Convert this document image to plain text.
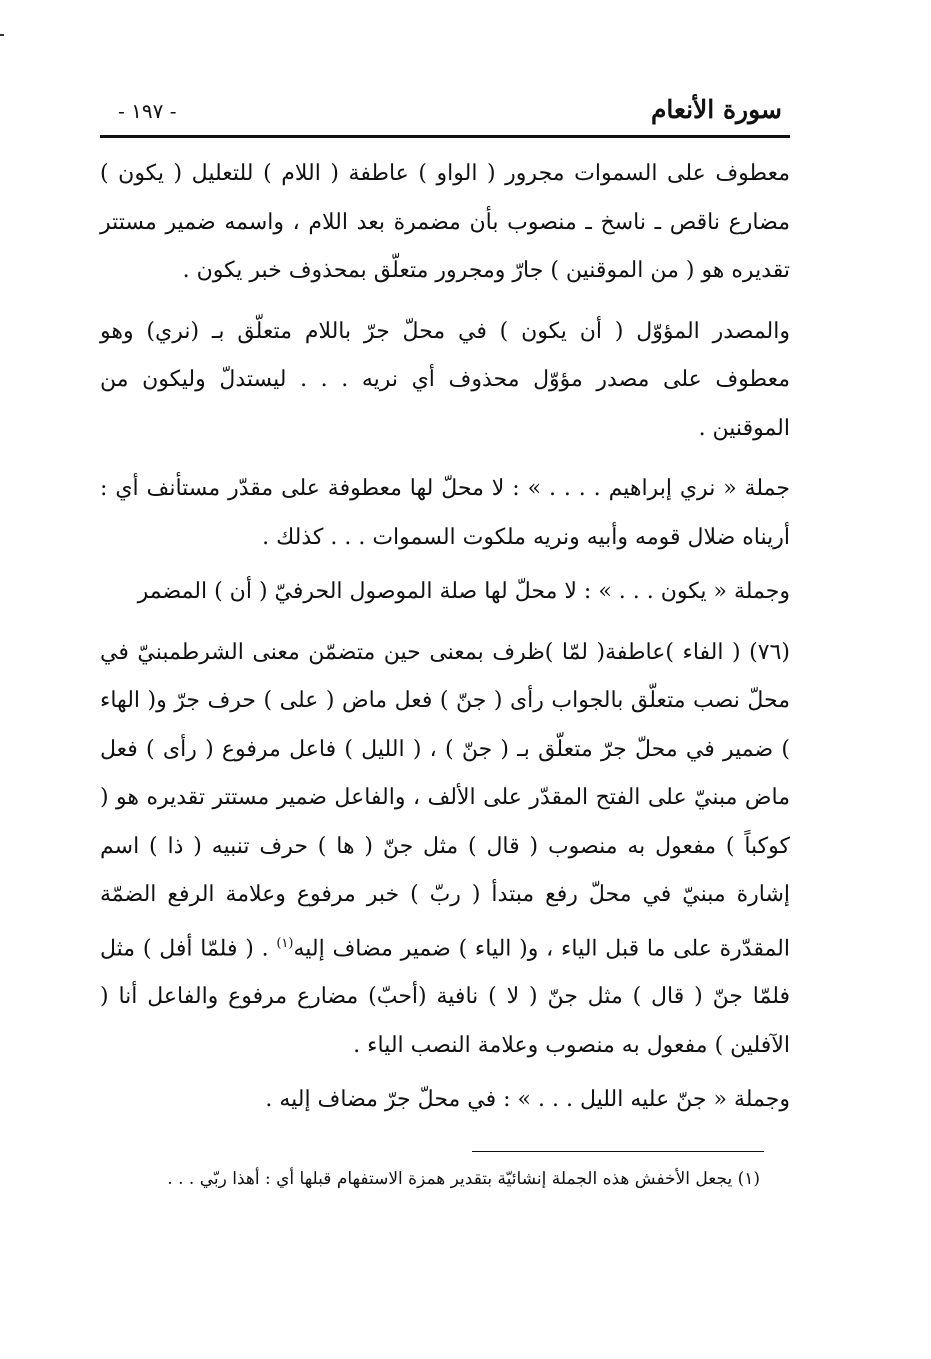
سورة الأنعام
- ١٩٧ -

معطوف على السموات مجرور ( الواو ) عاطفة ( اللام ) للتعليل ( يكون ) مضارع ناقص ـ ناسخ ـ منصوب بأن مضمرة بعد اللام ، واسمه ضمير مستتر تقديره هو ( من الموقنين ) جارّ ومجرور متعلّق بمحذوف خبر يكون .

والمصدر المؤوّل ( أن يكون ) في محلّ جرّ باللام متعلّق بـ (نري) وهو معطوف على مصدر مؤوّل محذوف أي نريه . . . ليستدلّ وليكون من الموقنين .

جملة « نري إبراهيم . . . . » : لا محلّ لها معطوفة على مقدّر مستأنف أي : أريناه ضلال قومه وأبيه ونريه ملكوت السموات . . . كذلك .

وجملة « يكون . . . » : لا محلّ لها صلة الموصول الحرفيّ ( أن ) المضمر

(٧٦) ( الفاء )عاطفة( لمّا )ظرف بمعنى حين متضمّن معنى الشرطمبنيّ في محلّ نصب متعلّق بالجواب رأى ( جنّ ) فعل ماض ( على ) حرف جرّ و( الهاء ) ضمير في محلّ جرّ متعلّق بـ ( جنّ ) ، ( الليل ) فاعل مرفوع ( رأى ) فعل ماض مبنيّ على الفتح المقدّر على الألف ، والفاعل ضمير مستتر تقديره هو ( كوكباً ) مفعول به منصوب ( قال ) مثل جنّ ( ها ) حرف تنبيه ( ذا ) اسم إشارة مبنيّ في محلّ رفع مبتدأ ( ربّ ) خبر مرفوع وعلامة الرفع الضمّة المقدّرة على ما قبل الياء ، و( الياء ) ضمير مضاف إليه$^{(١)}$ . ( فلمّا أفل ) مثل فلمّا جنّ ( قال ) مثل جنّ ( لا ) نافية (أحبّ) مضارع مرفوع والفاعل أنا ( الآفلين ) مفعول به منصوب وعلامة النصب الياء .

وجملة « جنّ عليه الليل . . . » : في محلّ جرّ مضاف إليه .

(١) يجعل الأخفش هذه الجملة إنشائيّة بتقدير همزة الاستفهام قبلها أي : أهذا ربّي . . .
